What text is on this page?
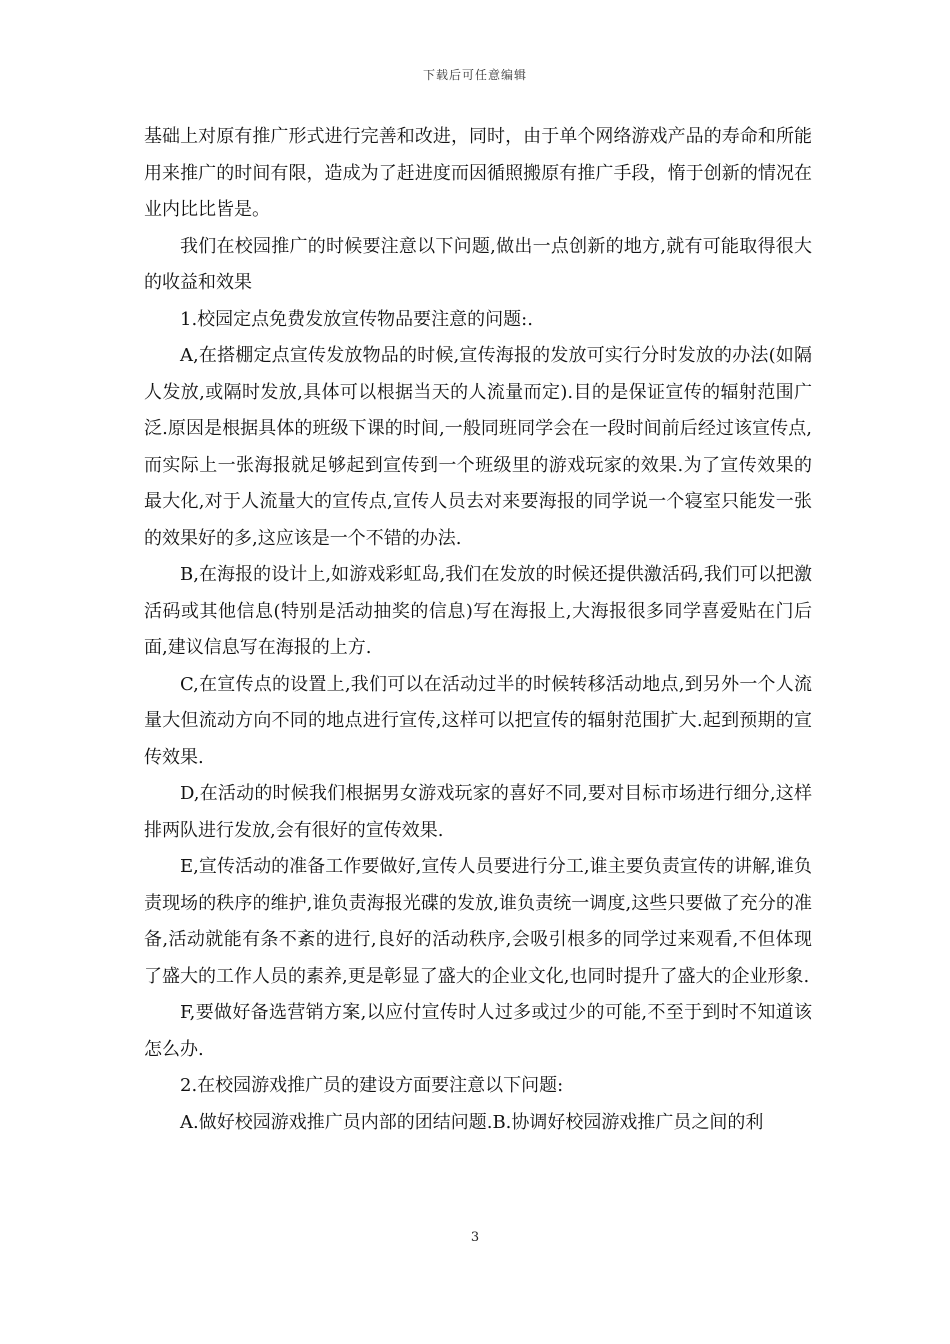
下载后可任意编辑

基础上对原有推广形式进行完善和改进，同时，由于单个网络游戏产品的寿命和所能用来推广的时间有限，造成为了赶进度而因循照搬原有推广手段，惰于创新的情况在业内比比皆是。

我们在校园推广的时候要注意以下问题,做出一点创新的地方,就有可能取得很大的收益和效果

1.校园定点免费发放宣传物品要注意的问题:.

A,在搭棚定点宣传发放物品的时候,宣传海报的发放可实行分时发放的办法(如隔人发放,或隔时发放,具体可以根据当天的人流量而定).目的是保证宣传的辐射范围广泛.原因是根据具体的班级下课的时间,一般同班同学会在一段时间前后经过该宣传点,而实际上一张海报就足够起到宣传到一个班级里的游戏玩家的效果.为了宣传效果的最大化,对于人流量大的宣传点,宣传人员去对来要海报的同学说一个寝室只能发一张的效果好的多,这应该是一个不错的办法.

B,在海报的设计上,如游戏彩虹岛,我们在发放的时候还提供激活码,我们可以把激活码或其他信息(特别是活动抽奖的信息)写在海报上,大海报很多同学喜爱贴在门后面,建议信息写在海报的上方.

C,在宣传点的设置上,我们可以在活动过半的时候转移活动地点,到另外一个人流量大但流动方向不同的地点进行宣传,这样可以把宣传的辐射范围扩大.起到预期的宣传效果.

D,在活动的时候我们根据男女游戏玩家的喜好不同,要对目标市场进行细分,这样排两队进行发放,会有很好的宣传效果.

E,宣传活动的准备工作要做好,宣传人员要进行分工,谁主要负责宣传的讲解,谁负责现场的秩序的维护,谁负责海报光碟的发放,谁负责统一调度,这些只要做了充分的准备,活动就能有条不紊的进行,良好的活动秩序,会吸引根多的同学过来观看,不但体现了盛大的工作人员的素养,更是彰显了盛大的企业文化,也同时提升了盛大的企业形象.

F,要做好备选营销方案,以应付宣传时人过多或过少的可能,不至于到时不知道该怎么办.

2.在校园游戏推广员的建设方面要注意以下问题:

A.做好校园游戏推广员内部的团结问题.B.协调好校园游戏推广员之间的利

3
